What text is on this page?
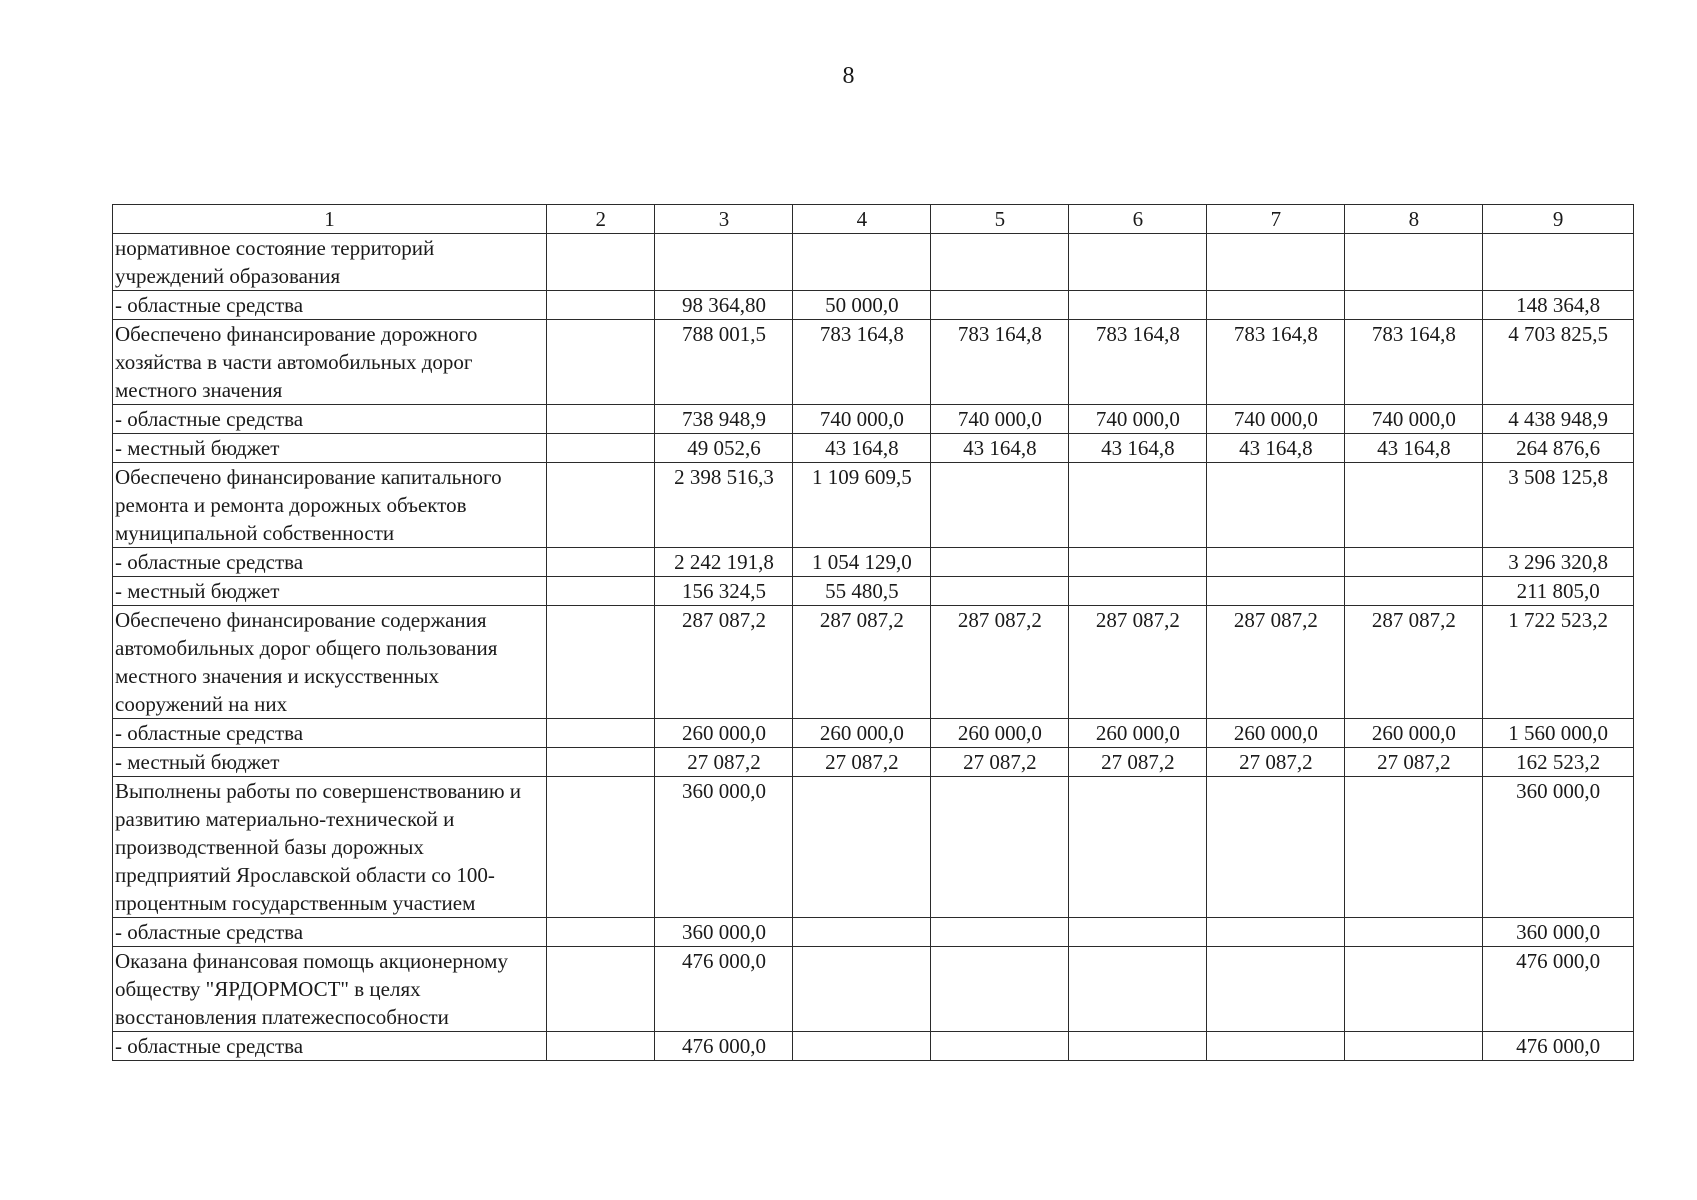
8
1	2	3	4	5	6	7	8	9
нормативное состояние территорий учреждений образования								
- областные средства		98 364,80	50 000,0					148 364,8
Обеспечено финансирование дорожного хозяйства в части автомобильных дорог местного значения		788 001,5	783 164,8	783 164,8	783 164,8	783 164,8	783 164,8	4 703 825,5
- областные средства		738 948,9	740 000,0	740 000,0	740 000,0	740 000,0	740 000,0	4 438 948,9
- местный бюджет		49 052,6	43 164,8	43 164,8	43 164,8	43 164,8	43 164,8	264 876,6
Обеспечено финансирование капитального ремонта и ремонта дорожных объектов муниципальной собственности		2 398 516,3	1 109 609,5					3 508 125,8
- областные средства		2 242 191,8	1 054 129,0					3 296 320,8
- местный бюджет		156 324,5	55 480,5					211 805,0
Обеспечено финансирование содержания автомобильных дорог общего пользования местного значения и искусственных сооружений на них		287 087,2	287 087,2	287 087,2	287 087,2	287 087,2	287 087,2	1 722 523,2
- областные средства		260 000,0	260 000,0	260 000,0	260 000,0	260 000,0	260 000,0	1 560 000,0
- местный бюджет		27 087,2	27 087,2	27 087,2	27 087,2	27 087,2	27 087,2	162 523,2
Выполнены работы по совершенствованию и развитию материально-технической и производственной базы дорожных предприятий Ярославской области со 100-процентным государственным участием		360 000,0						360 000,0
- областные средства		360 000,0						360 000,0
Оказана финансовая помощь акционерному обществу "ЯРДОРМОСТ" в целях восстановления платежеспособности		476 000,0						476 000,0
- областные средства		476 000,0						476 000,0
